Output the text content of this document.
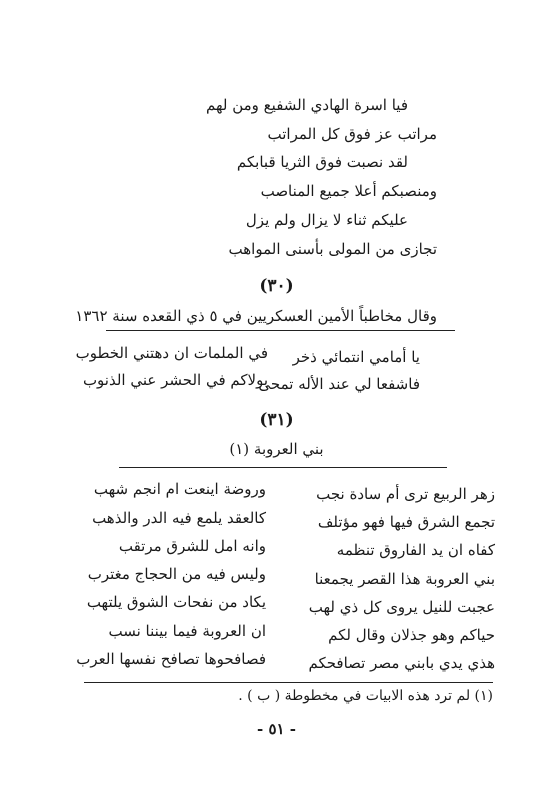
فيا اسرة الهادي الشفيع ومن لهم
مراتب عز فوق كل المراتب
لقد نصبت فوق الثريا قبابكم
ومنصبكم أعلا جميع المناصب
عليكم ثناء لا يزال ولم يزل
تجازى من المولى بأسنى المواهب
(٣٠)
وقال مخاطباً الأمين العسكريين في ٥ ذي القعده سنة ١٣٦٢
يا أمامي انتمائي ذخر
في الملمات ان دهتني الخطوب
فاشفعا لي عند الأله تمحى
بولاكم في الحشر عني الذنوب
(٣١)
بني العروبة (١)
زهر الربيع ترى أم سادة نجب
وروضة اينعت ام انجم شهب
تجمع الشرق فيها فهو مؤتلف
كالعقد يلمع فيه الدر والذهب
كفاه ان يد الفاروق تنظمه
وانه امل للشرق مرتقب
بني العروبة هذا القصر يجمعنا
وليس فيه من الحجاج مغترب
عجبت للنيل يروى كل ذي لهب
يكاد من نفحات الشوق يلتهب
حياكم وهو جذلان وقال لكم
ان العروبة فيما بيننا نسب
هذي يدي بابني مصر تصافحكم
فصافحوها تصافح نفسها العرب
(١) لم ترد هذه الابيات في مخطوطة ( ب ) .
- ٥١ -
